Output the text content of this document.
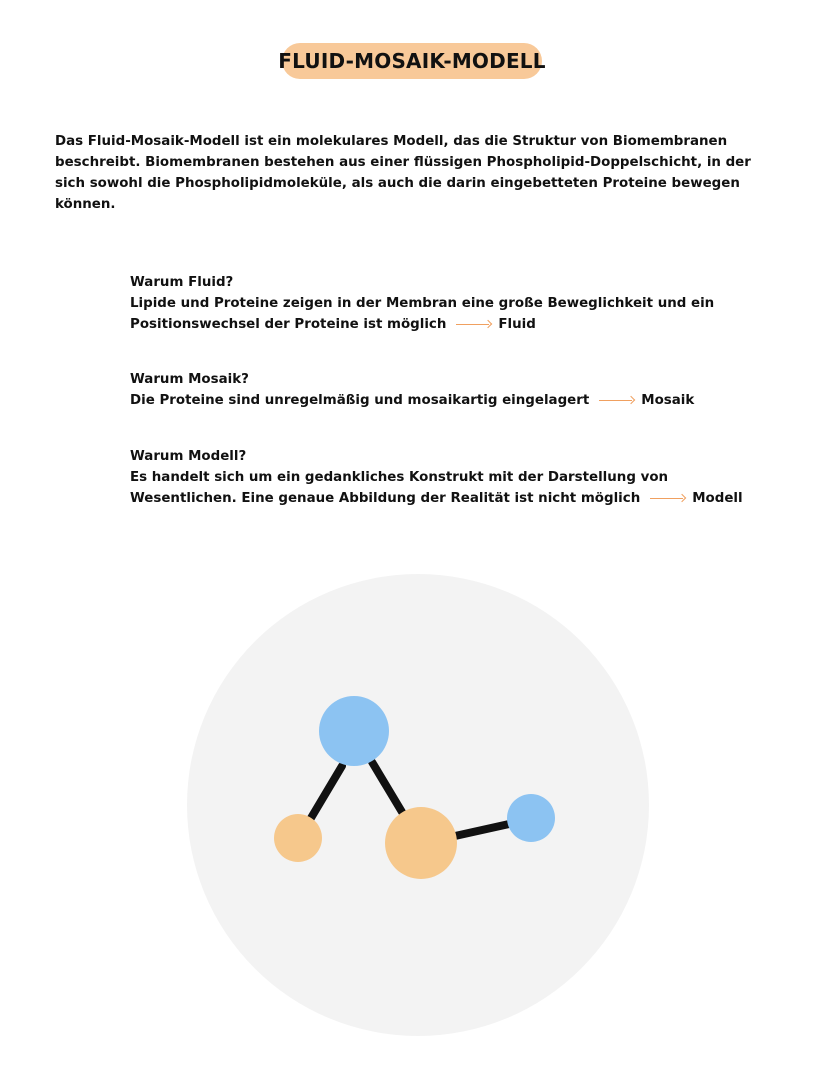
FLUID-MOSAIK-MODELL

Das Fluid-Mosaik-Modell ist ein molekulares Modell, das die Struktur von Biomembranen beschreibt. Biomembranen bestehen aus einer flüssigen Phospholipid-Doppelschicht, in der sich sowohl die Phospholipidmoleküle, als auch die darin eingebetteten Proteine bewegen können.

Warum Fluid?
Lipide und Proteine zeigen in der Membran eine große Beweglichkeit und ein
Positionswechsel der Proteine ist möglich	Fluid
Warum Mosaik?
Die Proteine sind unregelmäßig und mosaikartig eingelagert	Mosaik
Warum Modell?
Es handelt sich um ein gedankliches Konstrukt mit der Darstellung von
Wesentlichen. Eine genaue Abbildung der Realität ist nicht möglich	Modell
